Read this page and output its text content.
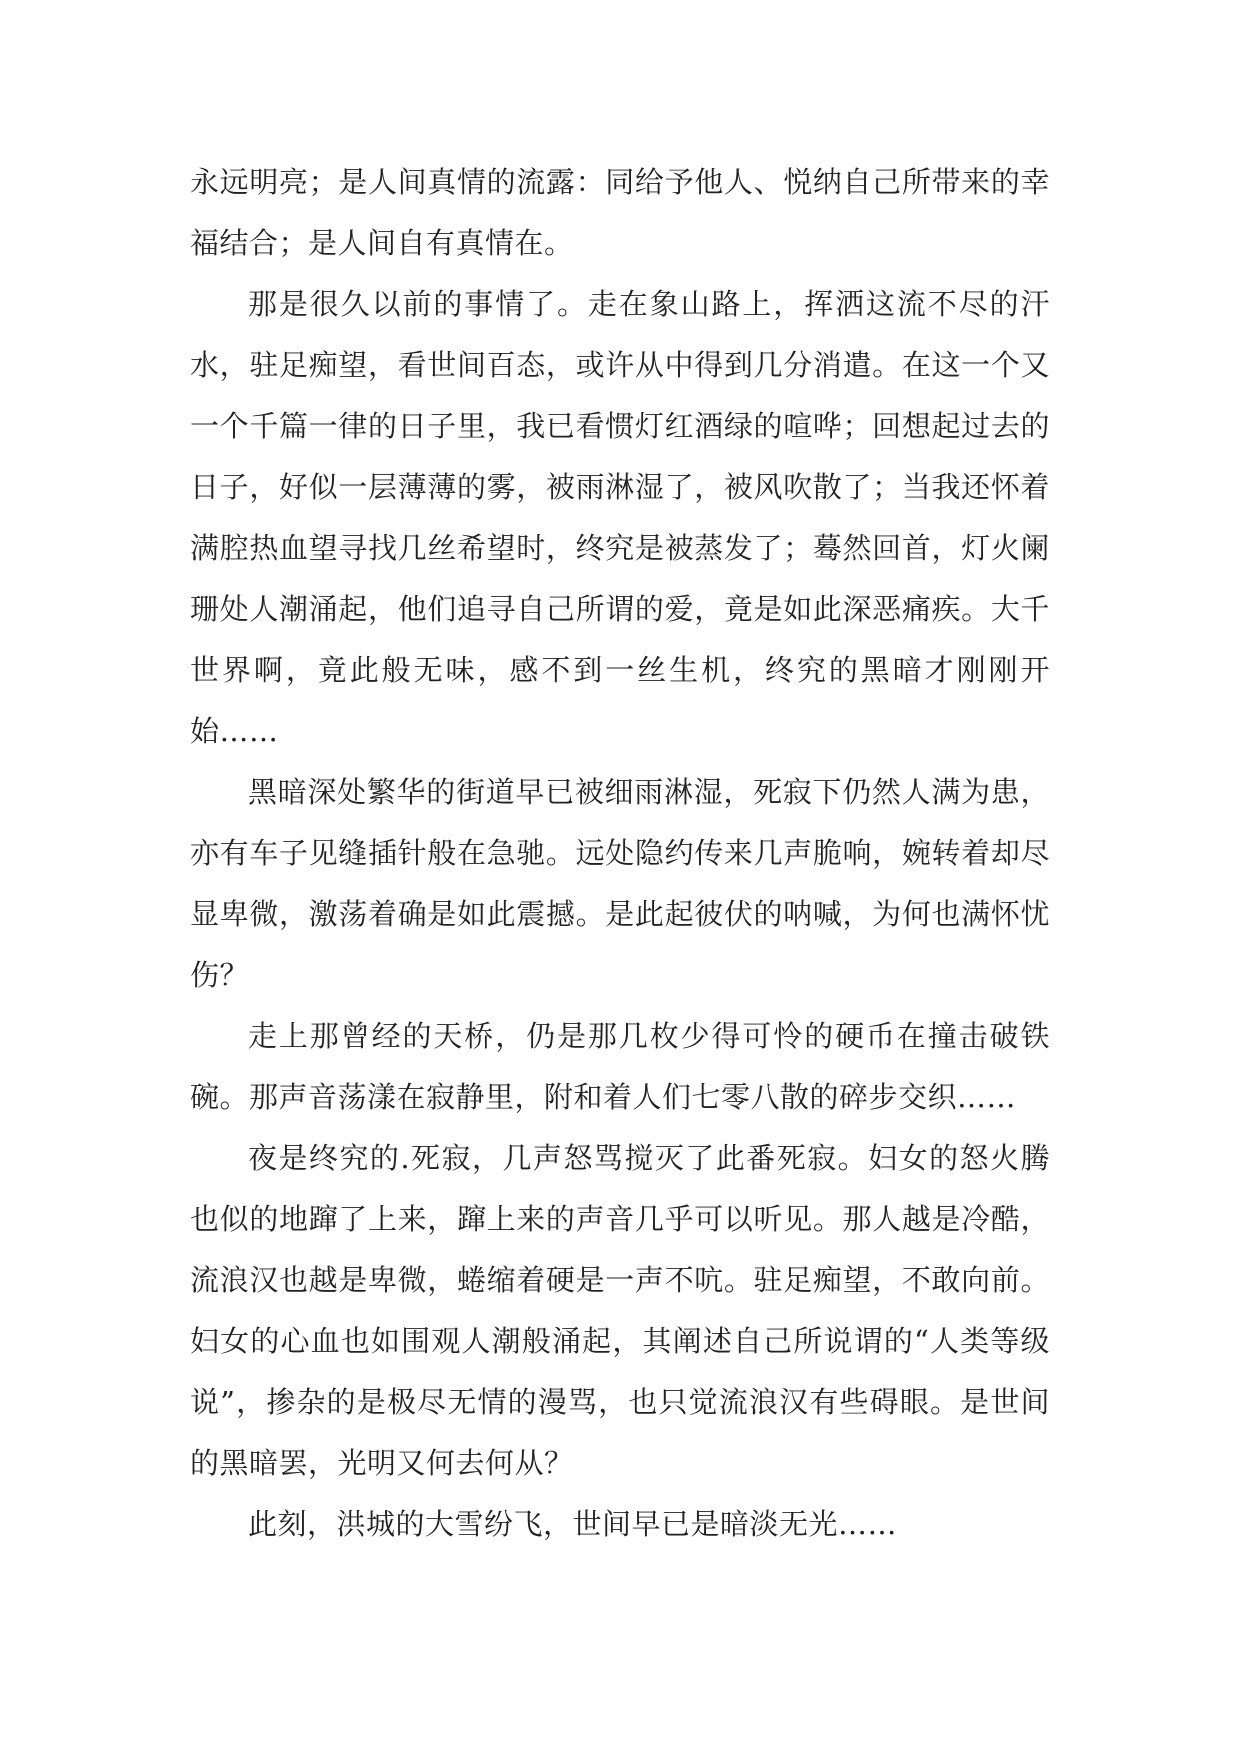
永远明亮；是人间真情的流露：同给予他人、悦纳自己所带来的幸福结合；是人间自有真情在。

那是很久以前的事情了。走在象山路上，挥洒这流不尽的汗水，驻足痴望，看世间百态，或许从中得到几分消遣。在这一个又一个千篇一律的日子里，我已看惯灯红酒绿的喧哗；回想起过去的日子，好似一层薄薄的雾，被雨淋湿了，被风吹散了；当我还怀着满腔热血望寻找几丝希望时，终究是被蒸发了；蓦然回首，灯火阑珊处人潮涌起，他们追寻自己所谓的爱，竟是如此深恶痛疾。大千世界啊，竟此般无味，感不到一丝生机，终究的黑暗才刚刚开始……

黑暗深处繁华的街道早已被细雨淋湿，死寂下仍然人满为患，亦有车子见缝插针般在急驰。远处隐约传来几声脆响，婉转着却尽显卑微，激荡着确是如此震撼。是此起彼伏的呐喊，为何也满怀忧伤？

走上那曾经的天桥，仍是那几枚少得可怜的硬币在撞击破铁碗。那声音荡漾在寂静里，附和着人们七零八散的碎步交织……

夜是终究的.死寂，几声怒骂搅灭了此番死寂。妇女的怒火腾也似的地蹿了上来，蹿上来的声音几乎可以听见。那人越是冷酷，流浪汉也越是卑微，蜷缩着硬是一声不吭。驻足痴望，不敢向前。妇女的心血也如围观人潮般涌起，其阐述自己所说谓的“人类等级说”，掺杂的是极尽无情的漫骂，也只觉流浪汉有些碍眼。是世间的黑暗罢，光明又何去何从？

此刻，洪城的大雪纷飞，世间早已是暗淡无光……
